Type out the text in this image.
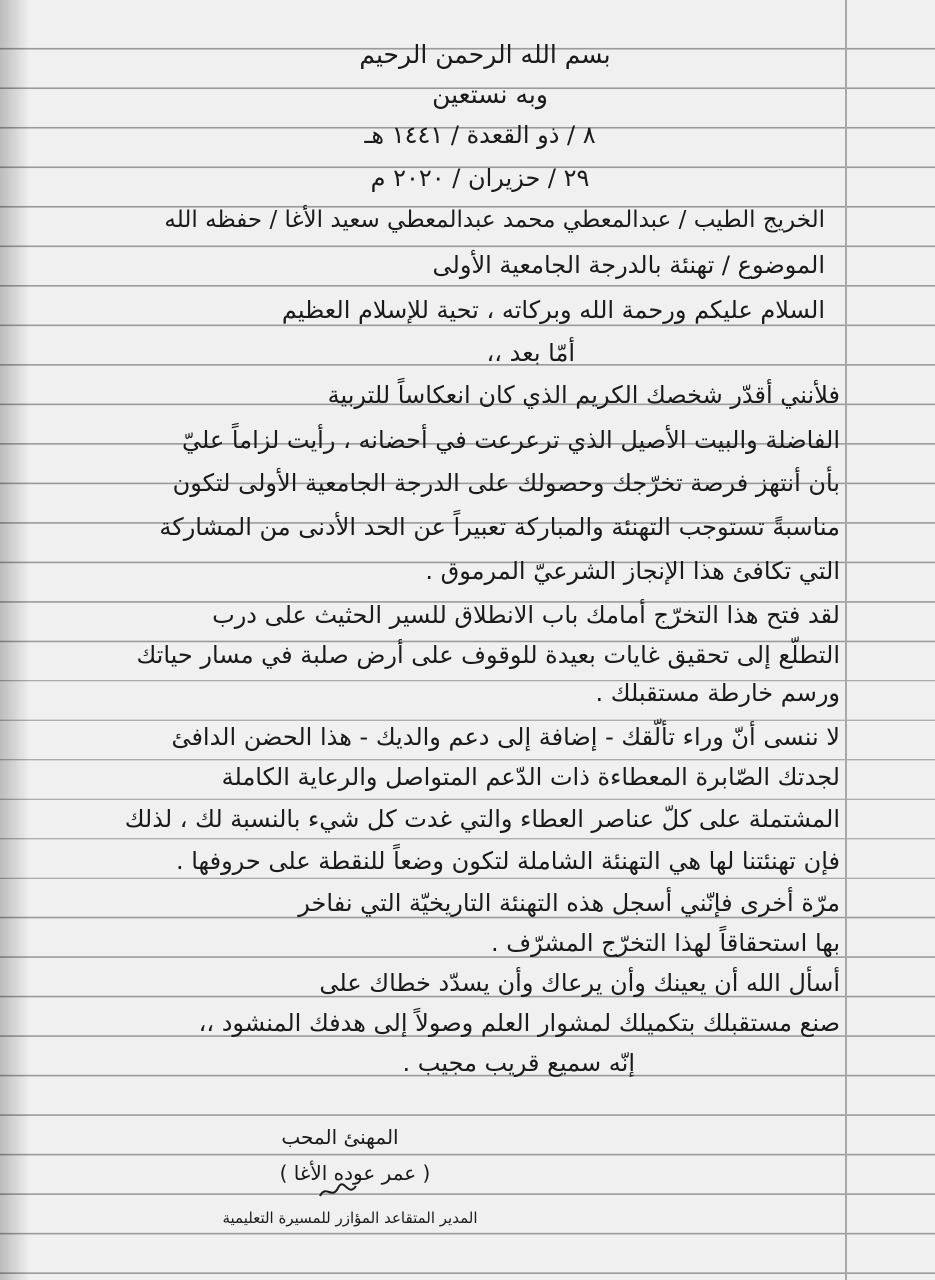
بسم الله الرحمن الرحيم
وبه نستعين
٨ / ذو القعدة / ١٤٤١ هـ
٢٩ / حزيران / ٢٠٢٠ م
الخريج الطيب / عبدالمعطي محمد عبدالمعطي سعيد الأغا / حفظه الله
الموضوع / تهنئة بالدرجة الجامعية الأولى
السلام عليكم ورحمة الله وبركاته ، تحية للإسلام العظيم
أمّا بعد ،،
فلأنني أقدّر شخصك الكريم الذي كان انعكاساً للتربية
الفاضلة والبيت الأصيل الذي ترعرعت في أحضانه ، رأيت لزاماً عليّ
بأن أنتهز فرصة تخرّجك وحصولك على الدرجة الجامعية الأولى لتكون
مناسبةً تستوجب التهنئة والمباركة تعبيراً عن الحد الأدنى من المشاركة
التي تكافئ هذا الإنجاز الشرعيّ المرموق .
لقد فتح هذا التخرّج أمامك باب الانطلاق للسير الحثيث على درب
التطلّع إلى تحقيق غايات بعيدة للوقوف على أرض صلبة في مسار حياتك
ورسم خارطة مستقبلك .
لا ننسى أنّ وراء تألّقك - إضافة إلى دعم والديك - هذا الحضن الدافئ
لجدتك الصّابرة المعطاءة ذات الدّعم المتواصل والرعاية الكاملة
المشتملة على كلّ عناصر العطاء والتي غدت كل شيء بالنسبة لك ، لذلك
فإن تهنئتنا لها هي التهنئة الشاملة لتكون وضعاً للنقطة على حروفها .
مرّة أخرى فإنّني أسجل هذه التهنئة التاريخيّة التي نفاخر
بها استحقاقاً لهذا التخرّج المشرّف .
أسأل الله أن يعينك وأن يرعاك وأن يسدّد خطاك على
صنع مستقبلك بتكميلك لمشوار العلم وصولاً إلى هدفك المنشود ،،
إنّه سميع قريب مجيب .
المهنئ المحب
( عمر عوده الأغا )
المدير المتقاعد المؤازر للمسيرة التعليمية
